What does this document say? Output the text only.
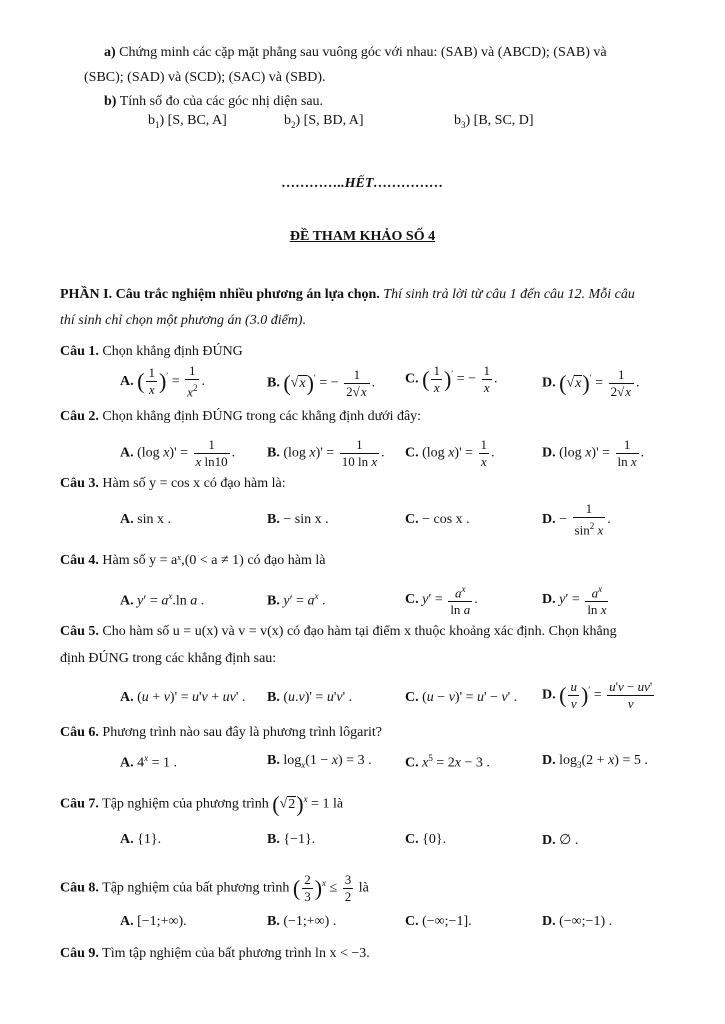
a) Chứng minh các cặp mặt phẳng sau vuông góc với nhau: (SAB) và (ABCD); (SAB) và
(SBC); (SAD) và (SCD); (SAC) và (SBD).
b) Tính số đo của các góc nhị diện sau.
$b_1$) [S, BC, A]	$b_2$) [S, BD, A]	$b_3$) [B, SC, D]
…………..HẾT……………
ĐỀ THAM KHẢO SỐ 4
PHẦN I. Câu trắc nghiệm nhiều phương án lựa chọn. Thí sinh trả lời từ câu 1 đến câu 12. Mỗi câu
thí sinh chỉ chọn một phương án (3.0 điểm).
Câu 1. Chọn khẳng định ĐÚNG
A. ( $\frac{1}{x} )' = \frac{1}{x^2}$ .	B. (√x)′ = − $\frac{1}{2√x}$ . C. ( $\frac{1}{x} )'$ = − $\frac{1}{x}$ .	D. $(√x)' = \frac{1}{2√x}$ .
Câu 2. Chọn khẳng định ĐÚNG trong các khẳng định dưới đây:
A. (log $x)' = \frac{1}{\text{x ln10}}$ . B. (log $x)' = \frac{1}{\text{10 ln x}}$ . C. (log $x)' = \frac{1}{x}$ .	D. (log $x)' = \frac{1}{\text{ln x}}$ .
Câu 3. Hàm số y = cos x có đạo hàm là:
A. sin x .	B. − sin x .	C. − cos x .	D. − $\frac{1}{\sin^2 x}$ .
Câu 4. Hàm số y = aˣ,(0 < a ≠ 1) có đạo hàm là
A. $y' = a^x.\ln$ a .	B. $y' = a^x$ .	C. $y' = \frac{a^x}{\text{ln a}}$ .	D. $y' = \frac{a^x}{\text{ln x}}$
Câu 5. Cho hàm số u = u(x) và v = v(x) có đạo hàm tại điểm x thuộc khoảng xác định. Chọn khẳng
định ĐÚNG trong các khẳng định sau:
A. (u + v)' = u'v + uv' . B. (u.v)' = u'v' .	C. (u − v)' = u' − v' . D. ( $\frac{u}{v} )' = \frac{u'v - uv'}{v}$
Câu 6. Phương trình nào sau đây là phương trình lôgarit?
A. $4^x = 1$ .	B. $\log_x(1 - x) = 3$ . C. $x^5 = 2x - 3$ .	D. $\log_3(2 + x) = 5$ .
Câu 7. Tập nghiệm của phương trình $(√2)^x = 1$ là
A. {1}.	B. {−1}.	C. {0}.	D. ∅ .
Câu 8. Tập nghiệm của bất phương trình ( $\frac{2}{3} )^x \le \frac{3}{2}$ là
A. [−1;+∞).	B. (−1;+∞) .	C. (−∞;−1].	D. (−∞;−1) .
Câu 9. Tìm tập nghiệm của bất phương trình ln x < −3.
